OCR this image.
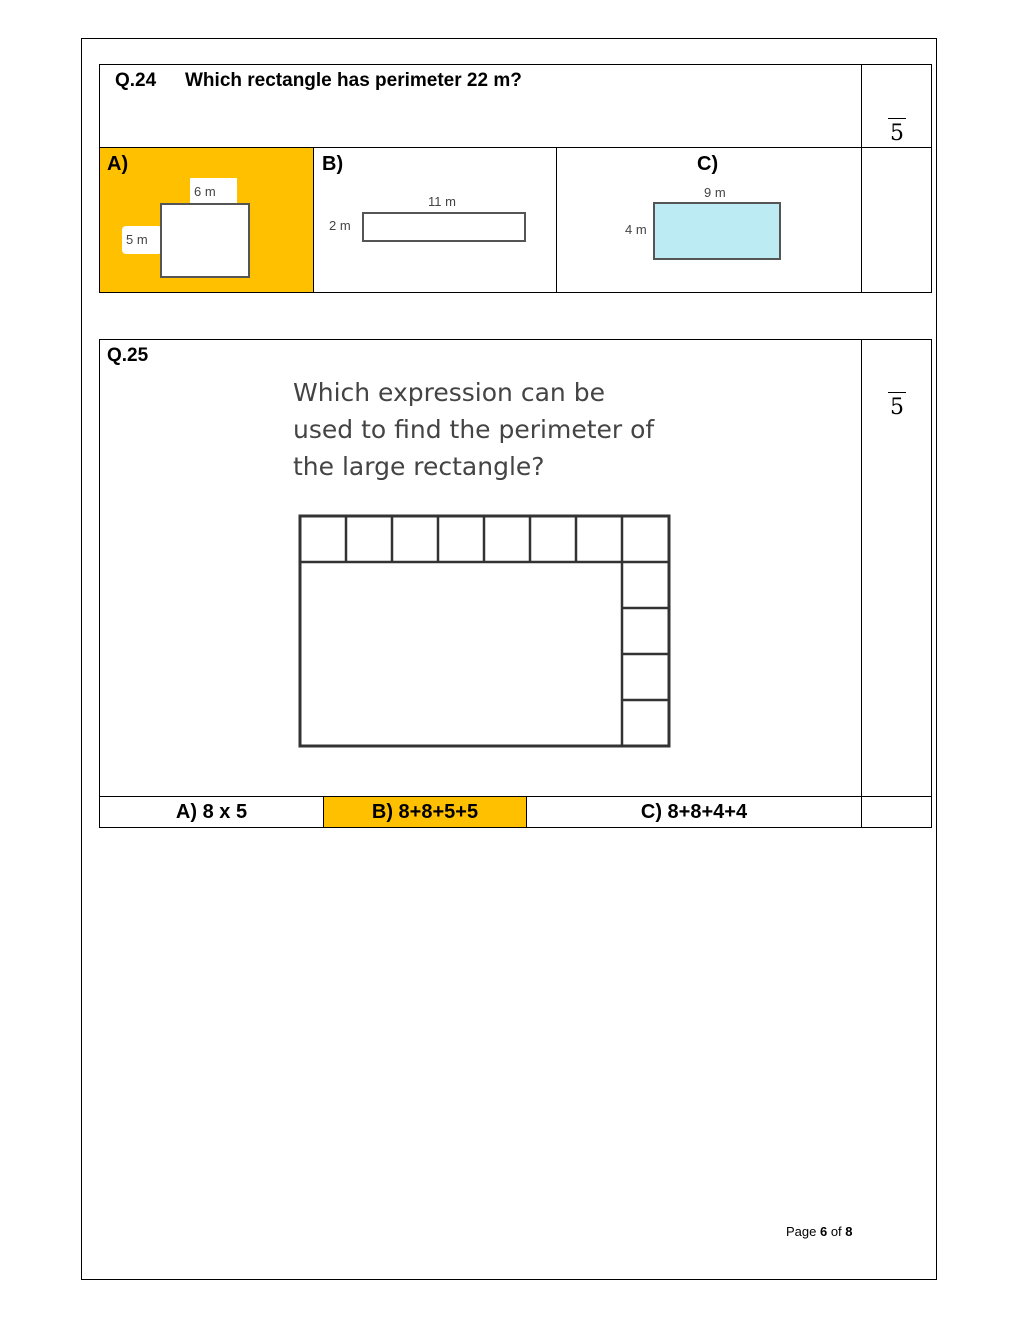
Q.24 Which rectangle has perimeter 22 m?
5
A)
6 m
5 m
B)
11 m
2 m
C)
9 m
4 m
Q.25
5
Which expression can be
used to find the perimeter of
the large rectangle?
A) 8 x 5	B) 8+8+5+5	C) 8+8+4+4
Page 6 of 8
